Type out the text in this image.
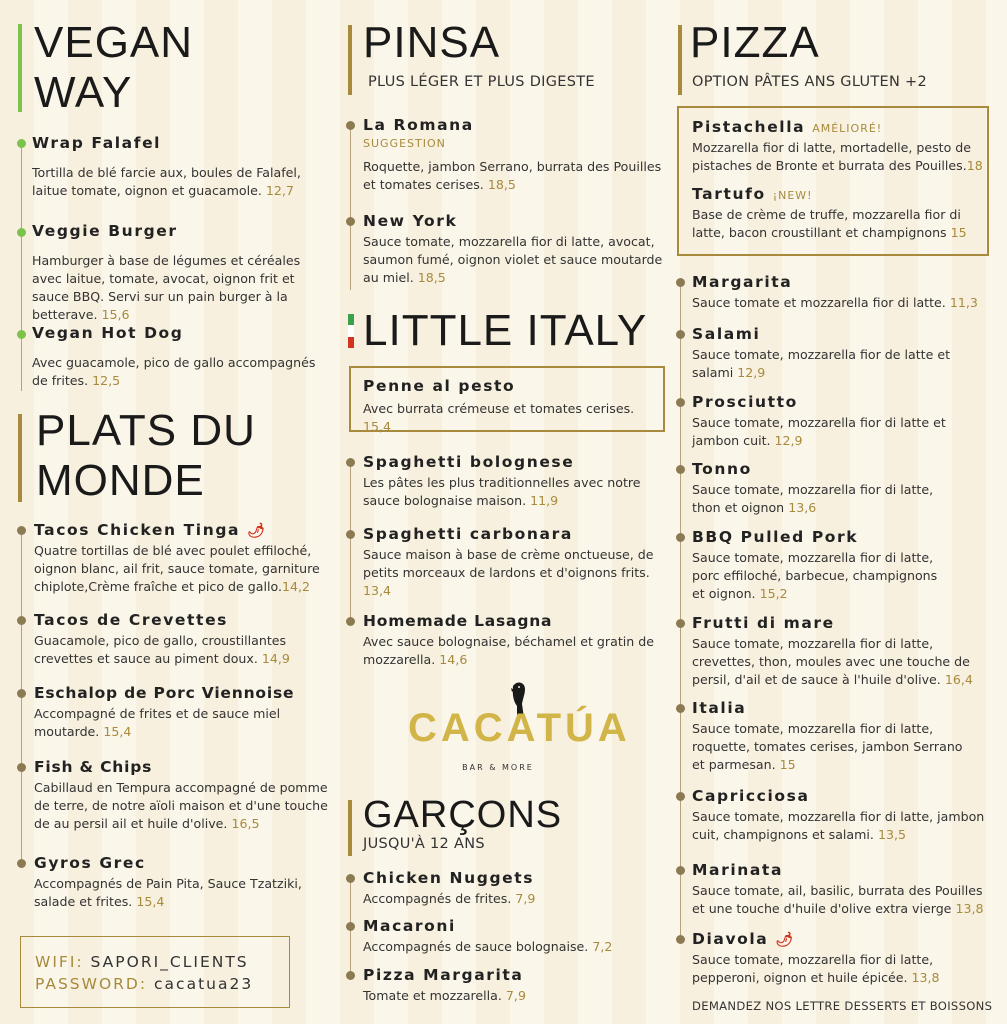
VEGAN
WAY
Wrap Falafel
Tortilla de blé farcie aux, boules de Falafel, laitue tomate, oignon et guacamole. 12,7
Veggie Burger
Hamburger à base de légumes et céréales avec laitue, tomate, avocat, oignon frit et sauce BBQ. Servi sur un pain burger à la betterave. 15,6
Vegan Hot Dog
Avec guacamole, pico de gallo accompagnés de frites. 12,5
PLATS DU
MONDE
Tacos Chicken Tinga 🌶
Quatre tortillas de blé avec poulet effiloché, oignon blanc, ail frit, sauce tomate, garniture chiplote,Crème fraîche et pico de gallo.14,2
Tacos de Crevettes
Guacamole, pico de gallo, croustillantes crevettes et sauce au piment doux. 14,9
Eschalop de Porc Viennoise
Accompagné de frites et de sauce miel moutarde. 15,4
Fish & Chips
Cabillaud en Tempura accompagné de pomme de terre, de notre aïoli maison et d'une touche de au persil ail et huile d'olive. 16,5
Gyros Grec
Accompagnés de Pain Pita, Sauce Tzatziki, salade et frites. 15,4
WIFI: SAPORI_CLIENTS
PASSWORD: cacatua23
PINSA
PLUS LÉGER ET PLUS DIGESTE
La Romana
SUGGESTION
Roquette, jambon Serrano, burrata des Pouilles et tomates cerises. 18,5
New York
Sauce tomate, mozzarella fior di latte, avocat, saumon fumé, oignon violet et sauce moutarde au miel. 18,5
LITTLE ITALY
Penne al pesto
Avec burrata crémeuse et tomates cerises. 15,4
Spaghetti bolognese
Les pâtes les plus traditionnelles avec notre sauce bolognaise maison. 11,9
Spaghetti carbonara
Sauce maison à base de crème onctueuse, de petits morceaux de lardons et d'oignons frits. 13,4
Homemade Lasagna
Avec sauce bolognaise, béchamel et gratin de mozzarella. 14,6
CACATÚA
BAR & MORE
GARÇONS
JUSQU'À 12 ANS
Chicken Nuggets
Accompagnés de frites. 7,9
Macaroni
Accompagnés de sauce bolognaise. 7,2
Pizza Margarita
Tomate et mozzarella. 7,9
PIZZA
OPTION PÂTES ANS GLUTEN +2
Pistachella AMÉLIORÉ!
Mozzarella fior di latte, mortadelle, pesto de pistaches de Bronte et burrata des Pouilles.18
Tartufo ¡NEW!
Base de crème de truffe, mozzarella fior di latte, bacon croustillant et champignons 15
Margarita
Sauce tomate et mozzarella fior di latte. 11,3
Salami
Sauce tomate, mozzarella fior de latte et salami 12,9
Prosciutto
Sauce tomate, mozzarella fior di latte et jambon cuit. 12,9
Tonno
Sauce tomate, mozzarella fior di latte, thon et oignon 13,6
BBQ Pulled Pork
Sauce tomate, mozzarella fior di latte, porc effiloché, barbecue, champignons et oignon. 15,2
Frutti di mare
Sauce tomate, mozzarella fior di latte, crevettes, thon, moules avec une touche de persil, d'ail et de sauce à l'huile d'olive. 16,4
Italia
Sauce tomate, mozzarella fior di latte, roquette, tomates cerises, jambon Serrano et parmesan. 15
Capricciosa
Sauce tomate, mozzarella fior di latte, jambon cuit, champignons et salami. 13,5
Marinata
Sauce tomate, ail, basilic, burrata des Pouilles et une touche d'huile d'olive extra vierge 13,8
Diavola 🌶
Sauce tomate, mozzarella fior di latte, pepperoni, oignon et huile épicée. 13,8
DEMANDEZ NOS LETTRE DESSERTS ET BOISSONS
